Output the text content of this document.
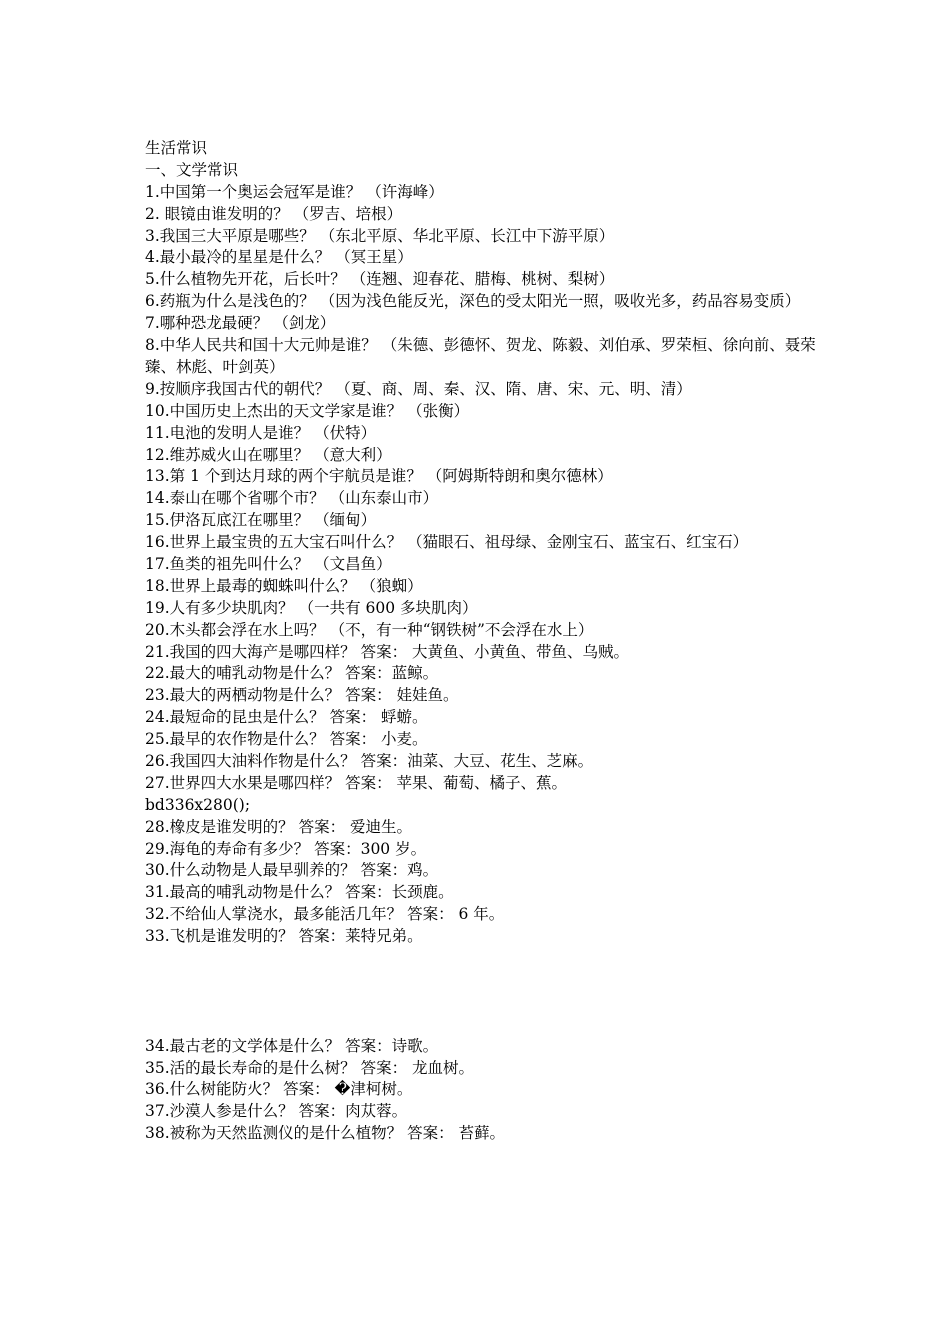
生活常识
一、文学常识
1.中国第一个奥运会冠军是谁？ （许海峰）
2. 眼镜由谁发明的？ （罗吉、培根）
3.我国三大平原是哪些？ （东北平原、华北平原、长江中下游平原）
4.最小最冷的星星是什么？ （冥王星）
5.什么植物先开花，后长叶？ （连翘、迎春花、腊梅、桃树、梨树）
6.药瓶为什么是浅色的？ （因为浅色能反光，深色的受太阳光一照，吸收光多，药品容易变质）
7.哪种恐龙最硬？ （剑龙）
8.中华人民共和国十大元帅是谁？ （朱德、彭德怀、贺龙、陈毅、刘伯承、罗荣桓、徐向前、聂荣臻、林彪、叶剑英）
9.按顺序我国古代的朝代？ （夏、商、周、秦、汉、隋、唐、宋、元、明、清）
10.中国历史上杰出的天文学家是谁？ （张衡）
11.电池的发明人是谁？ （伏特）
12.维苏威火山在哪里？ （意大利）
13.第 1 个到达月球的两个宇航员是谁？ （阿姆斯特朗和奥尔德林）
14.泰山在哪个省哪个市？ （山东泰山市）
15.伊洛瓦底江在哪里？ （缅甸）
16.世界上最宝贵的五大宝石叫什么？ （猫眼石、祖母绿、金刚宝石、蓝宝石、红宝石）
17.鱼类的祖先叫什么？ （文昌鱼）
18.世界上最毒的蜘蛛叫什么？ （狼蜘）
19.人有多少块肌肉？ （一共有 600 多块肌肉）
20.木头都会浮在水上吗？ （不，有一种“钢铁树”不会浮在水上）
21.我国的四大海产是哪四样？ 答案： 大黄鱼、小黄鱼、带鱼、乌贼。
22.最大的哺乳动物是什么？ 答案：蓝鲸。
23.最大的两栖动物是什么？ 答案： 娃娃鱼。
24.最短命的昆虫是什么？ 答案： 蜉蝣。
25.最早的农作物是什么？ 答案： 小麦。
26.我国四大油料作物是什么？ 答案：油菜、大豆、花生、芝麻。
27.世界四大水果是哪四样？ 答案： 苹果、葡萄、橘子、蕉。
bd336x280();
28.橡皮是谁发明的？ 答案： 爱迪生。
29.海龟的寿命有多少？ 答案：300 岁。
30.什么动物是人最早驯养的？ 答案：鸡。
31.最高的哺乳动物是什么？ 答案：长颈鹿。
32.不给仙人掌浇水，最多能活几年？ 答案： 6 年。
33.飞机是谁发明的？ 答案：莱特兄弟。
34.最古老的文学体是什么？ 答案：诗歌。
35.活的最长寿命的是什么树？ 答案： 龙血树。
36.什么树能防火？ 答案： �津柯树。
37.沙漠人参是什么？ 答案：肉苁蓉。
38.被称为天然监测仪的是什么植物？ 答案： 苔藓。
